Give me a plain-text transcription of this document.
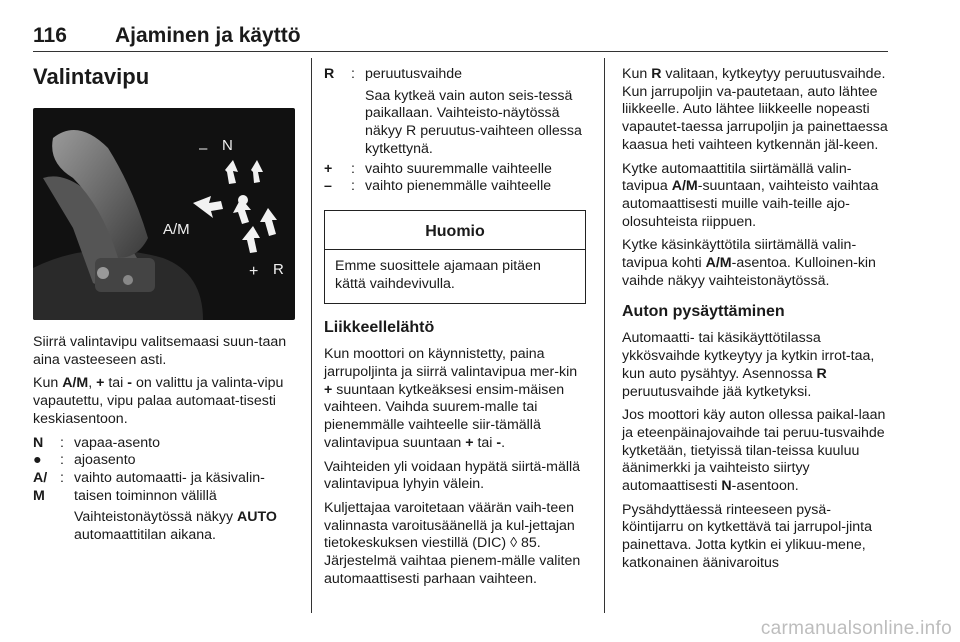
116 Ajaminen ja käyttö
Valintavipu
N
–
A/M
+ R

Siirrä valintavipu valitsemaasi suun-taan aina vasteeseen asti.

Kun A/M, + tai - on valittu ja valinta-vipu vapautettu, vipu palaa automaat-tisesti keskiasentoon.

N	: vapaa-asento
●	: ajoasento
A/
M
: vaihto automaatti- ja käsivalin-taisen toiminnon välillä

Vaihteistonäytössä näkyy AUTO automaattitilan aikana.

R	: peruutusvaihde

Saa kytkeä vain auton seis-tessä paikallaan. Vaihteisto-näytössä näkyy R peruutus-vaihteen ollessa kytkettynä.

+	: vaihto suuremmalle vaihteelle
–	: vaihto pienemmälle vaihteelle
Huomio
Emme suosittele ajamaan pitäen kättä vaihdevivulla.
Liikkeellelähtö

Kun moottori on käynnistetty, paina jarrupoljinta ja siirrä valintavipua mer-kin + suuntaan kytkeäksesi ensim-mäisen vaihteen. Vaihda suurem-malle tai pienemmälle vaihteelle siir-tämällä valintavipua suuntaan + tai -.

Vaihteiden yli voidaan hypätä siirtä-mällä valintavipua lyhyin välein.

Kuljettajaa varoitetaan väärän vaih-teen valinnasta varoitusäänellä ja kul-jettajan tietokeskuksen viestillä (DIC) ◊ 85. Järjestelmä vaihtaa pienem-mälle valiten automaattisesti parhaan vaihteen.

Kun R valitaan, kytkeytyy peruutusvaihde. Kun jarrupoljin va-pautetaan, auto lähtee liikkeelle. Auto lähtee liikkeelle nopeasti vapautet-taessa jarrupoljin ja painettaessa kaasua heti vaihteen kytkennän jäl-keen.

Kytke automaattitila siirtämällä valin-tavipua A/M-suuntaan, vaihteisto vaihtaa automaattisesti muille vaih-teille ajo-olosuhteista riippuen.

Kytke käsinkäyttötila siirtämällä valin-tavipua kohti A/M-asentoa. Kulloinen-kin vaihde näkyy vaihteistonäytössä.

Auton pysäyttäminen

Automaatti- tai käsikäyttötilassa ykkösvaihde kytkeytyy ja kytkin irrot-taa, kun auto pysähtyy. Asennossa R peruutusvaihde jää kytketyksi.

Jos moottori käy auton ollessa paikal-laan ja eteenpäinajovaihde tai peruu-tusvaihde kytketään, tietyissä tilan-teissa kuuluu äänimerkki ja vaihteisto siirtyy automaattisesti N-asentoon.

Pysähdyttäessä rinteeseen pysä-köintijarru on kytkettävä tai jarrupol-jinta painettava. Jotta kytkin ei ylikuu-mene, katkonainen äänivaroitus

carmanualsonline.info
